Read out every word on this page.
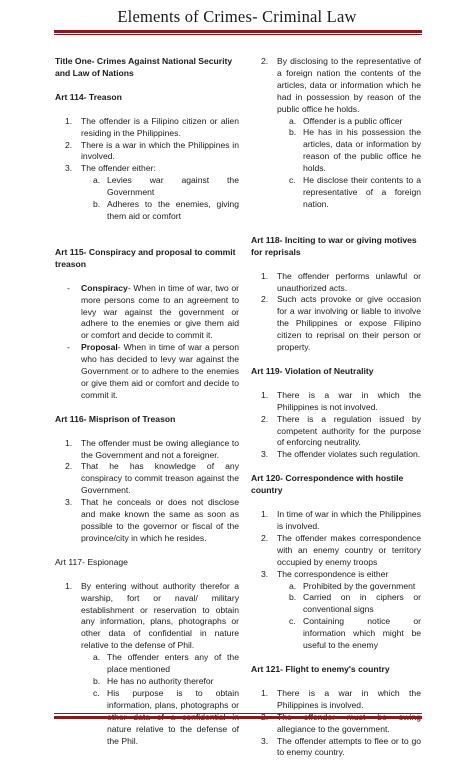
Elements of Crimes- Criminal Law
Title One- Crimes Against National Security and Law of Nations
Art 114- Treason
1. The offender is a Filipino citizen or alien residing in the Philippines.
2. There is a war in which the Philippines in involved.
3. The offender either:
a. Levies war against the Government
b. Adheres to the enemies, giving them aid or comfort
Art 115- Conspiracy and proposal to commit treason
- Conspiracy- When in time of war, two or more persons come to an agreement to levy war against the government or adhere to the enemies or give them aid or comfort and decide to commit it.
- Proposal- When in time of war a person who has decided to levy war against the Government or to adhere to the enemies or give them aid or comfort and decide to commit it.
Art 116- Misprison of Treason
1. The offender must be owing allegiance to the Government and not a foreigner.
2. That he has knowledge of any conspiracy to commit treason against the Government.
3. That he conceals or does not disclose and make known the same as soon as possible to the governor or fiscal of the province/city in which he resides.
Art 117- Espionage
1. By entering without authority therefor a warship, fort or naval/ military establishment or reservation to obtain any information, plans, photographs or other data of confidential in nature relative to the defense of Phil.
a. The offender enters any of the place mentioned
b. He has no authority therefor
c. His purpose is to obtain information, plans, photographs or nature relative to the defense of the Phil.
2. By disclosing to the representative of a foreign nation the contents of the articles, data or information which he had in possession by reason of the public office he holds.
a. Offender is a public officer
b. He has in his possession the articles, data or information by reason of the public office he holds.
c. He disclose their contents to a representative of a foreign nation.
Art 118- Inciting to war or giving motives for reprisals
1. The offender performs unlawful or unauthorized acts.
2. Such acts provoke or give occasion for a war involving or liable to involve the Philippines or expose Filipino citizen to reprisal on their person or property.
Art 119- Violation of Neutrality
1. There is a war in which the Philippines is not involved.
2. There is a regulation issued by competent authority for the purpose of enforcing neutrality.
3. The offender violates such regulation.
Art 120- Correspondence with hostile country
1. In time of war in which the Philippines is involved.
2. The offender makes correspondence with an enemy country or territory occupied by enemy troops
3. The correspondence is either
a. Prohibited by the government
b. Carried on in ciphers or conventional signs
c. Containing notice or information which might be useful to the enemy
Art 121- Flight to enemy's country
1. There is a war in which the Philippines is involved.
allegiance to the government.
3. The offender attempts to flee or to go to enemy country.
